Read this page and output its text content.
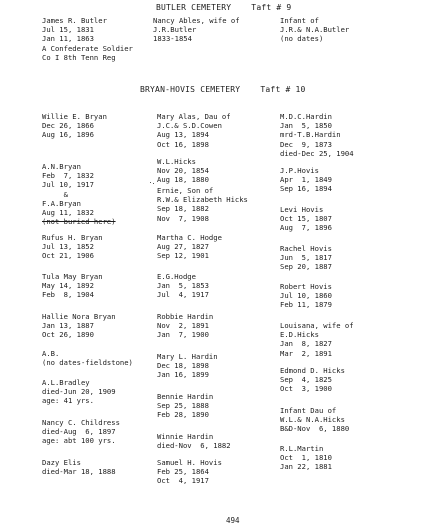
BUTLER CEMETERY    Taft # 9
James R. Butler
Jul 15, 1831
Jan 11, 1863
A Confederate Soldier
Co I 8th Tenn Reg
Nancy Ables, wife of
J.R.Butler
1833-1854
Infant of
J.R.& N.A.Butler
(no dates)
BRYAN-HOVIS CEMETERY    Taft # 10
Willie E. Bryan
Dec 26, 1866
Aug 16, 1896
A.N.Bryan
Feb  7, 1832
Jul 10, 1917
&
F.A.Bryan
Aug 11, 1832
(not buried here)
Rufus H. Bryan
Jul 13, 1852
Oct 21, 1906
Tula May Bryan
May 14, 1892
Feb  8, 1904
Hallie Nora Bryan
Jan 13, 1887
Oct 26, 1890
A.B.
(no dates-fieldstone)
A.L.Bradley
died-Jun 20, 1909
age: 41 yrs.
Nancy C. Childress
died-Aug  6, 1897
age: abt 100 yrs.
Dazy Elis
died-Mar 18, 1888
Mary Alas, Dau of
J.C.& S.D.Cowen
Aug 13, 1894
Oct 16, 1898
W.L.Hicks
Nov 20, 1854
Aug 18, 1880
Ernie, Son of
R.W.& Elizabeth Hicks
Sep 18, 1882
Nov  7, 1908
Martha C. Hodge
Aug 27, 1827
Sep 12, 1901
E.G.Hodge
Jan  5, 1853
Jul  4, 1917
Robbie Hardin
Nov  2, 1891
Jan  7, 1900
Mary L. Hardin
Dec 18, 1898
Jan 16, 1899
Bennie Hardin
Sep 25, 1888
Feb 28, 1890
Winnie Hardin
died-Nov  6, 1882
Samuel H. Hovis
Feb 25, 1864
Oct  4, 1917
M.D.C.Hardin
Jan  5, 1850
mrd-T.B.Hardin
Dec  9, 1873
died-Dec 25, 1904
J.P.Hovis
Apr  1, 1849
Sep 16, 1894
Levi Hovis
Oct 15, 1807
Aug  7, 1896
Rachel Hovis
Jun  5, 1817
Sep 20, 1887
Robert Hovis
Jul 10, 1860
Feb 11, 1879
Louisana, wife of
E.D.Hicks
Jan  8, 1827
Mar  2, 1891
Edmond D. Hicks
Sep  4, 1825
Oct  3, 1900
Infant Dau of
W.L.& N.A.Hicks
B&D-Nov  6, 1880
R.L.Martin
Oct  1, 1810
Jan 22, 1881
494
